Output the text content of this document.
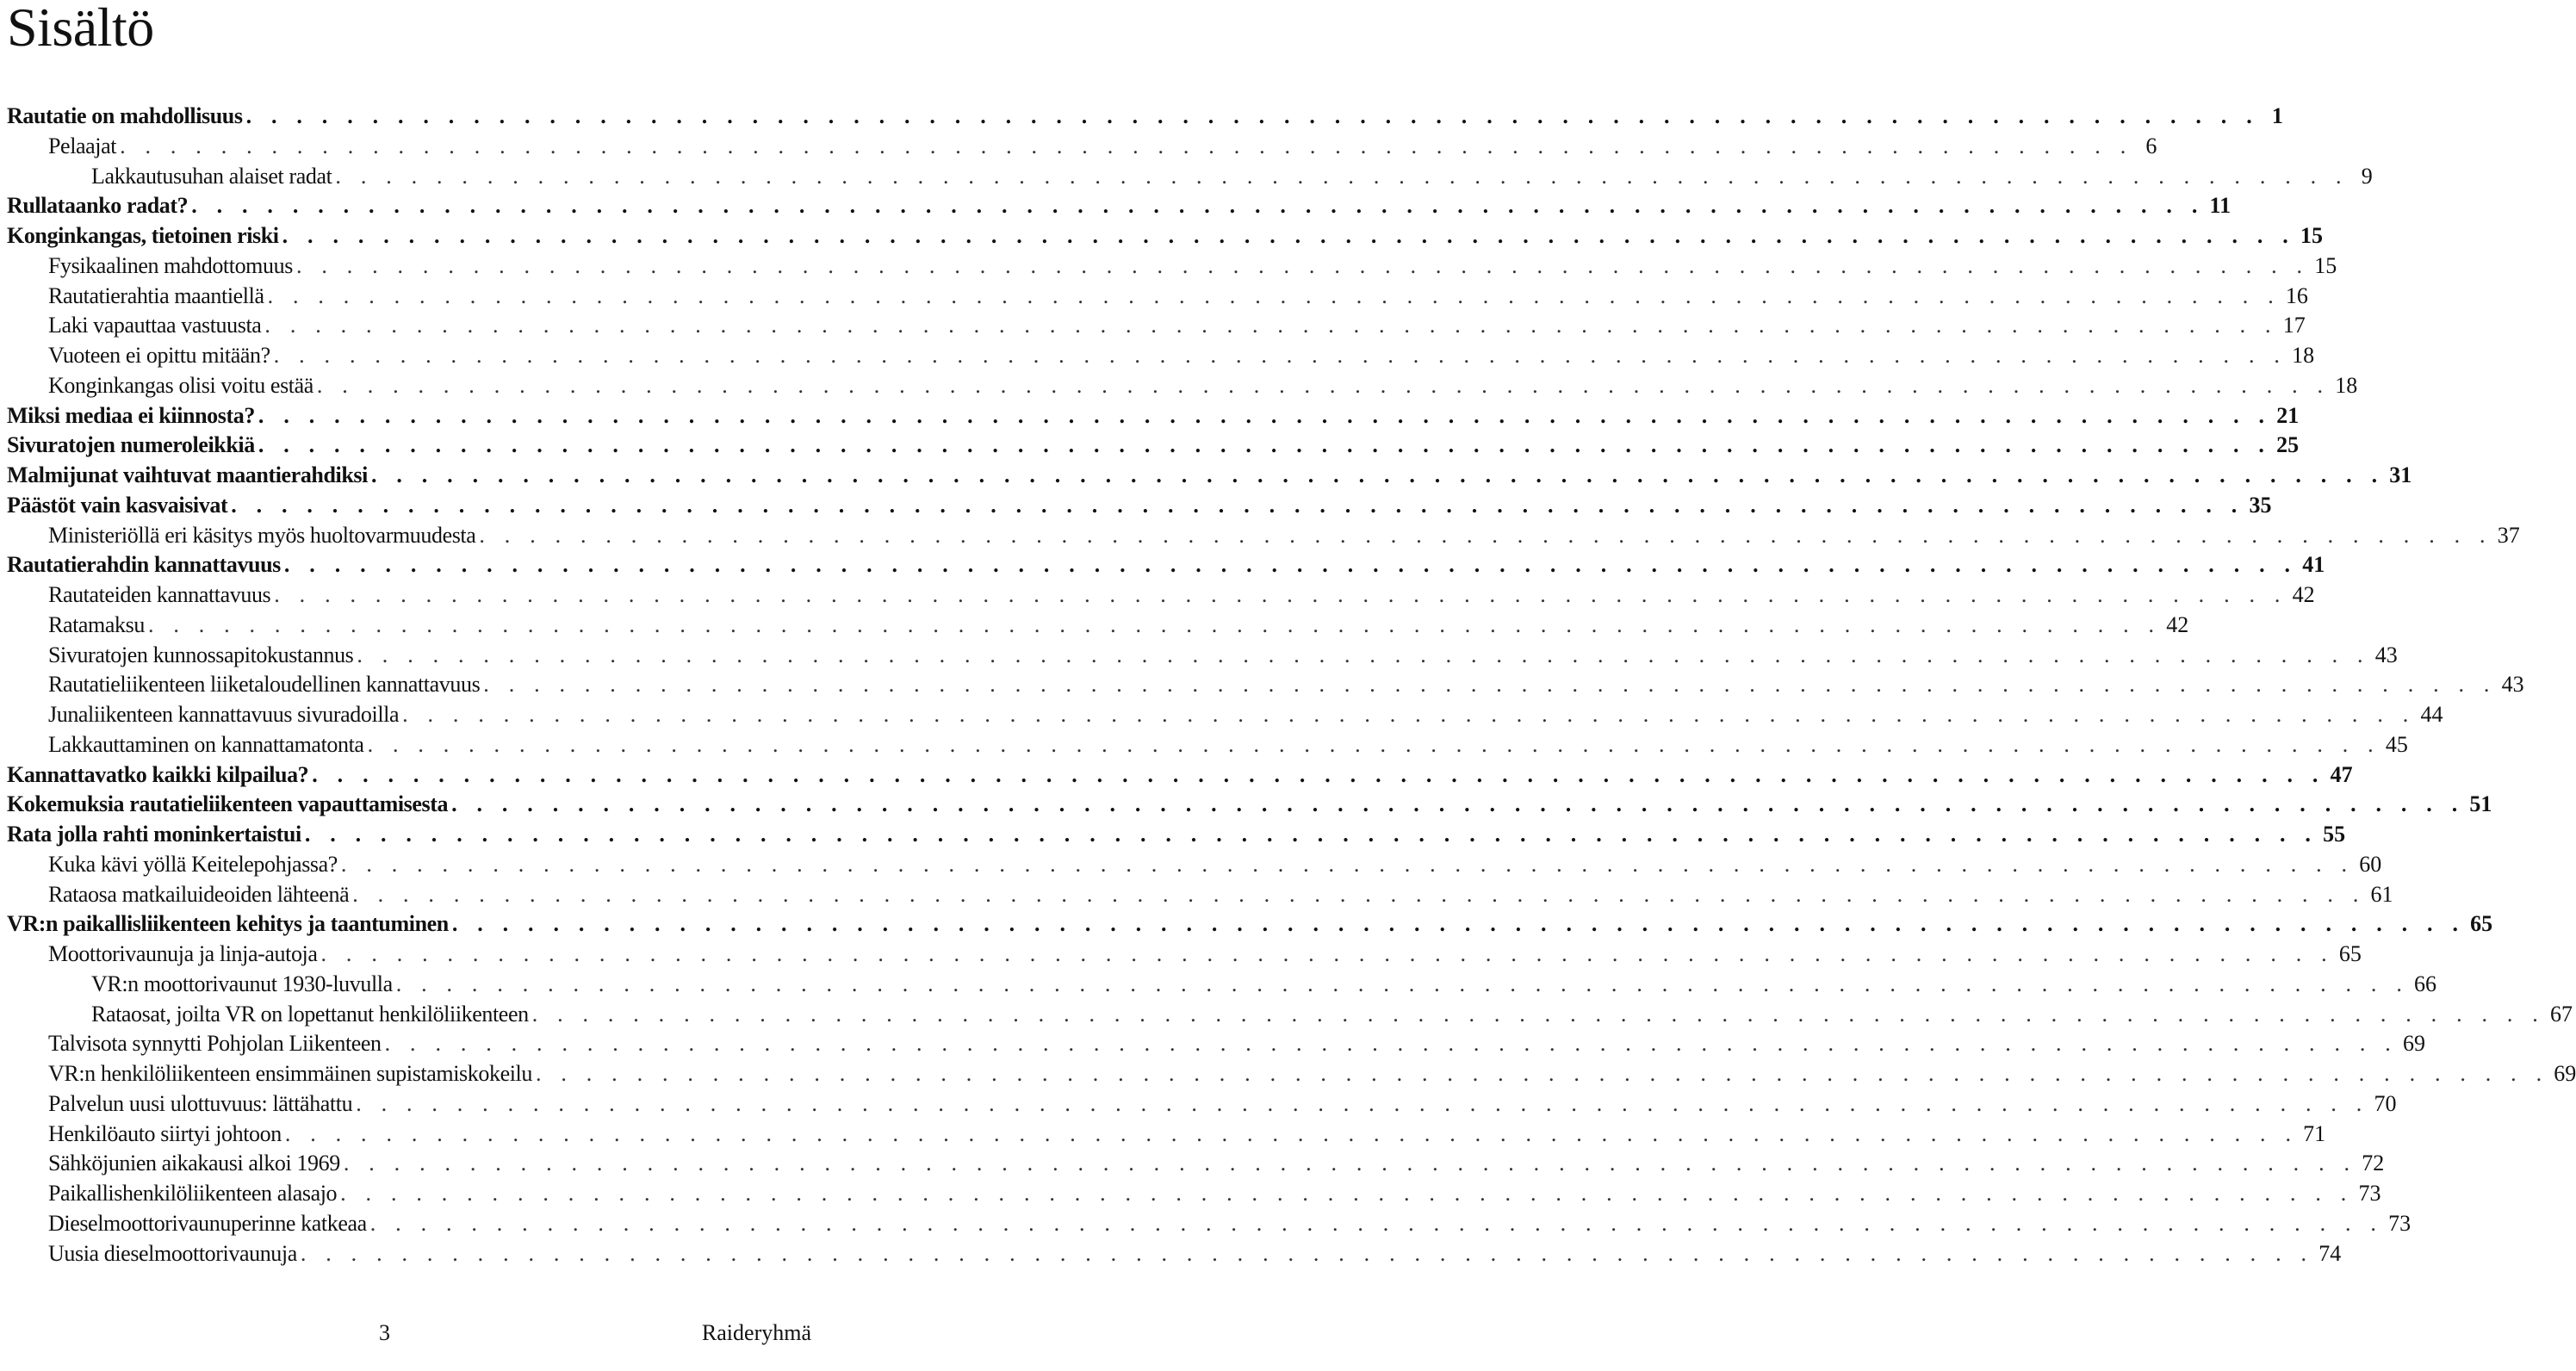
Sisältö
Rautatie on mahdollisuus . . . . . . . . . . . . . . . . . . . . . . . . . . . . . . . . . . . . . . . . . . . . . . . . . . . . . . . . . . . . . . . . . . . . . . . . . . . . . . . . 1
Pelaajat . . . . . . . . . . . . . . . . . . . . . . . . . . . . . . . . . . . . . . . . . . . . . . . . . . . . . . . . . . . . . . . . . . . . . . . . . . . . . . . . 6
Lakkautusuhan alaiset radat . . . . . . . . . . . . . . . . . . . . . . . . . . . . . . . . . . . . . . . . . . . . . . . . . . . . . . . . . . . . . . . . . . . . . . . . . . . . . . . . 9
Rullataanko radat? . . . . . . . . . . . . . . . . . . . . . . . . . . . . . . . . . . . . . . . . . . . . . . . . . . . . . . . . . . . . . . . . . . . . . . . . . . . . . . . . 11
Konginkangas, tietoinen riski . . . . . . . . . . . . . . . . . . . . . . . . . . . . . . . . . . . . . . . . . . . . . . . . . . . . . . . . . . . . . . . . . . . . . . . . . . . . . . . . 15
Fysikaalinen mahdottomuus . . . . . . . . . . . . . . . . . . . . . . . . . . . . . . . . . . . . . . . . . . . . . . . . . . . . . . . . . . . . . . . . . . . . . . . . . . . . . . . . 15
Rautatierahtia maantiellä . . . . . . . . . . . . . . . . . . . . . . . . . . . . . . . . . . . . . . . . . . . . . . . . . . . . . . . . . . . . . . . . . . . . . . . . . . . . . . . . 16
Laki vapauttaa vastuusta . . . . . . . . . . . . . . . . . . . . . . . . . . . . . . . . . . . . . . . . . . . . . . . . . . . . . . . . . . . . . . . . . . . . . . . . . . . . . . . . 17
Vuoteen ei opittu mitään? . . . . . . . . . . . . . . . . . . . . . . . . . . . . . . . . . . . . . . . . . . . . . . . . . . . . . . . . . . . . . . . . . . . . . . . . . . . . . . . . 18
Konginkangas olisi voitu estää . . . . . . . . . . . . . . . . . . . . . . . . . . . . . . . . . . . . . . . . . . . . . . . . . . . . . . . . . . . . . . . . . . . . . . . . . . . . . . . . 18
Miksi mediaa ei kiinnosta? . . . . . . . . . . . . . . . . . . . . . . . . . . . . . . . . . . . . . . . . . . . . . . . . . . . . . . . . . . . . . . . . . . . . . . . . . . . . . . . . 21
Sivuratojen numeroleikkiä . . . . . . . . . . . . . . . . . . . . . . . . . . . . . . . . . . . . . . . . . . . . . . . . . . . . . . . . . . . . . . . . . . . . . . . . . . . . . . . . 25
Malmijunat vaihtuvat maantierahdiksi . . . . . . . . . . . . . . . . . . . . . . . . . . . . . . . . . . . . . . . . . . . . . . . . . . . . . . . . . . . . . . . . . . . . . . . . . . . . . . . . 31
Päästöt vain kasvaisivat . . . . . . . . . . . . . . . . . . . . . . . . . . . . . . . . . . . . . . . . . . . . . . . . . . . . . . . . . . . . . . . . . . . . . . . . . . . . . . . . 35
Ministeriöllä eri käsitys myös huoltovarmuudesta . . . . . . . . . . . . . . . . . . . . . . . . . . . . . . . . . . . . . . . . . . . . . . . . . . . . . . . . . . . . . . . . . . . . . . . . . . . . . . . . 37
Rautatierahdin kannattavuus . . . . . . . . . . . . . . . . . . . . . . . . . . . . . . . . . . . . . . . . . . . . . . . . . . . . . . . . . . . . . . . . . . . . . . . . . . . . . . . . 41
Rautateiden kannattavuus . . . . . . . . . . . . . . . . . . . . . . . . . . . . . . . . . . . . . . . . . . . . . . . . . . . . . . . . . . . . . . . . . . . . . . . . . . . . . . . . 42
Ratamaksu . . . . . . . . . . . . . . . . . . . . . . . . . . . . . . . . . . . . . . . . . . . . . . . . . . . . . . . . . . . . . . . . . . . . . . . . . . . . . . . . 42
Sivuratojen kunnossapitokustannus . . . . . . . . . . . . . . . . . . . . . . . . . . . . . . . . . . . . . . . . . . . . . . . . . . . . . . . . . . . . . . . . . . . . . . . . . . . . . . . . 43
Rautatieliikenteen liiketaloudellinen kannattavuus . . . . . . . . . . . . . . . . . . . . . . . . . . . . . . . . . . . . . . . . . . . . . . . . . . . . . . . . . . . . . . . . . . . . . . . . . . . . . . . . 43
Junaliikenteen kannattavuus sivuradoilla . . . . . . . . . . . . . . . . . . . . . . . . . . . . . . . . . . . . . . . . . . . . . . . . . . . . . . . . . . . . . . . . . . . . . . . . . . . . . . . . 44
Lakkauttaminen on kannattamatonta . . . . . . . . . . . . . . . . . . . . . . . . . . . . . . . . . . . . . . . . . . . . . . . . . . . . . . . . . . . . . . . . . . . . . . . . . . . . . . . . 45
Kannattavatko kaikki kilpailua? . . . . . . . . . . . . . . . . . . . . . . . . . . . . . . . . . . . . . . . . . . . . . . . . . . . . . . . . . . . . . . . . . . . . . . . . . . . . . . . . 47
Kokemuksia rautatieliikenteen vapauttamisesta . . . . . . . . . . . . . . . . . . . . . . . . . . . . . . . . . . . . . . . . . . . . . . . . . . . . . . . . . . . . . . . . . . . . . . . . . . . . . . . . 51
Rata jolla rahti moninkertaistui . . . . . . . . . . . . . . . . . . . . . . . . . . . . . . . . . . . . . . . . . . . . . . . . . . . . . . . . . . . . . . . . . . . . . . . . . . . . . . . . 55
Kuka kävi yöllä Keitelepohjassa? . . . . . . . . . . . . . . . . . . . . . . . . . . . . . . . . . . . . . . . . . . . . . . . . . . . . . . . . . . . . . . . . . . . . . . . . . . . . . . . . 60
Rataosa matkailuideoiden lähteenä . . . . . . . . . . . . . . . . . . . . . . . . . . . . . . . . . . . . . . . . . . . . . . . . . . . . . . . . . . . . . . . . . . . . . . . . . . . . . . . . 61
VR:n paikallisliikenteen kehitys ja taantuminen . . . . . . . . . . . . . . . . . . . . . . . . . . . . . . . . . . . . . . . . . . . . . . . . . . . . . . . . . . . . . . . . . . . . . . . . . . . . . . . . 65
Moottorivaunuja ja linja-autoja . . . . . . . . . . . . . . . . . . . . . . . . . . . . . . . . . . . . . . . . . . . . . . . . . . . . . . . . . . . . . . . . . . . . . . . . . . . . . . . . 65
VR:n moottorivaunut 1930-luvulla . . . . . . . . . . . . . . . . . . . . . . . . . . . . . . . . . . . . . . . . . . . . . . . . . . . . . . . . . . . . . . . . . . . . . . . . . . . . . . . . 66
Rataosat, joilta VR on lopettanut henkilöliikenteen . . . . . . . . . . . . . . . . . . . . . . . . . . . . . . . . . . . . . . . . . . . . . . . . . . . . . . . . . . . . . . . . . . . . . . . . . . . . . . . . 67
Talvisota synnytti Pohjolan Liikenteen . . . . . . . . . . . . . . . . . . . . . . . . . . . . . . . . . . . . . . . . . . . . . . . . . . . . . . . . . . . . . . . . . . . . . . . . . . . . . . . . 69
VR:n henkilöliikenteen ensimmäinen supistamiskokeilu . . . . . . . . . . . . . . . . . . . . . . . . . . . . . . . . . . . . . . . . . . . . . . . . . . . . . . . . . . . . . . . . . . . . . . . . . . . . . . . . 69
Palvelun uusi ulottuvuus: lättähattu . . . . . . . . . . . . . . . . . . . . . . . . . . . . . . . . . . . . . . . . . . . . . . . . . . . . . . . . . . . . . . . . . . . . . . . . . . . . . . . . 70
Henkilöauto siirtyi johtoon . . . . . . . . . . . . . . . . . . . . . . . . . . . . . . . . . . . . . . . . . . . . . . . . . . . . . . . . . . . . . . . . . . . . . . . . . . . . . . . . 71
Sähköjunien aikakausi alkoi 1969 . . . . . . . . . . . . . . . . . . . . . . . . . . . . . . . . . . . . . . . . . . . . . . . . . . . . . . . . . . . . . . . . . . . . . . . . . . . . . . . . 72
Paikallishenkilöliikenteen alasajo . . . . . . . . . . . . . . . . . . . . . . . . . . . . . . . . . . . . . . . . . . . . . . . . . . . . . . . . . . . . . . . . . . . . . . . . . . . . . . . . 73
Dieselmoottorivaunuperinne katkeaa . . . . . . . . . . . . . . . . . . . . . . . . . . . . . . . . . . . . . . . . . . . . . . . . . . . . . . . . . . . . . . . . . . . . . . . . . . . . . . . . 73
Uusia dieselmoottorivaunuja . . . . . . . . . . . . . . . . . . . . . . . . . . . . . . . . . . . . . . . . . . . . . . . . . . . . . . . . . . . . . . . . . . . . . . . . . . . . . . . . 74
3	Raideryhmä
